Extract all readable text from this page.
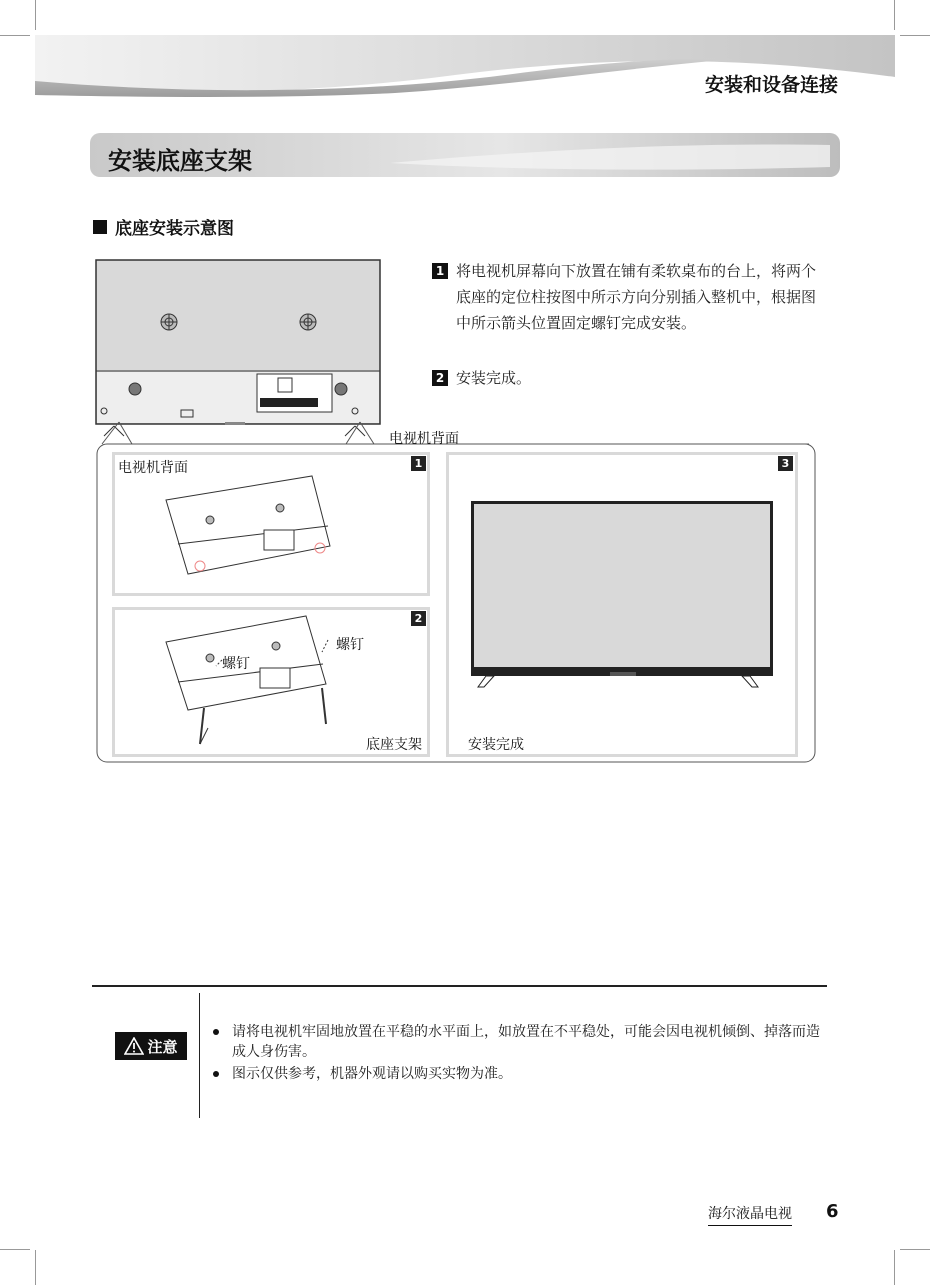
安装和设备连接
安装底座支架
底座安装示意图
1 将电视机屏幕向下放置在铺有柔软桌布的台上，将两个底座的定位柱按图中所示方向分别插入整机中，根据图中所示箭头位置固定螺钉完成安装。
2 安装完成。
电视机背面
电视机背面	1
2
螺钉
螺钉
底座支架
3
安装完成
注意
请将电视机牢固地放置在平稳的水平面上，如放置在不平稳处，可能会因电视机倾倒、掉落而造成人身伤害。
图示仅供参考，机器外观请以购买实物为准。
海尔液晶电视 6
